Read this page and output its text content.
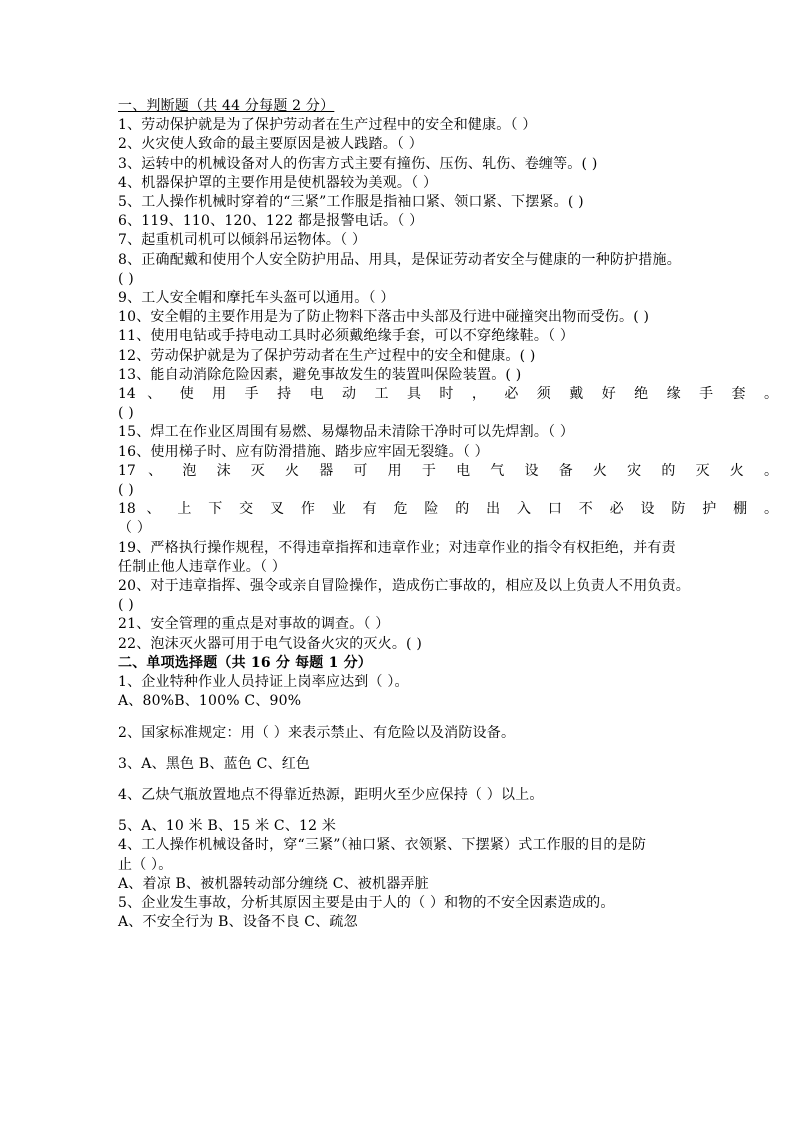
一、判断题（共 44 分每题 2 分）
1、劳动保护就是为了保护劳动者在生产过程中的安全和健康。（ ）
2、火灾使人致命的最主要原因是被人践踏。（ ）
3、运转中的机械设备对人的伤害方式主要有撞伤、压伤、轧伤、卷缠等。( )
4、机器保护罩的主要作用是使机器较为美观。（ ）
5、工人操作机械时穿着的“三紧”工作服是指袖口紧、领口紧、下摆紧。( )
6、119、110、120、122 都是报警电话。（ ）
7、起重机司机可以倾斜吊运物体。（ ）
8、正确配戴和使用个人安全防护用品、用具，是保证劳动者安全与健康的一种防护措施。
( )
9、工人安全帽和摩托车头盔可以通用。（ ）
10、安全帽的主要作用是为了防止物料下落击中头部及行进中碰撞突出物而受伤。( )
11、使用电钻或手持电动工具时必须戴绝缘手套，可以不穿绝缘鞋。（ ）
12、劳动保护就是为了保护劳动者在生产过程中的安全和健康。( )
13、能自动消除危险因素，避免事故发生的装置叫保险装置。( )
14 、 使 用 手 持 电 动 工 具 时 ， 必 须 戴 好 绝 缘 手 套 。
( )
15、焊工在作业区周围有易燃、易爆物品未清除干净时可以先焊割。（ ）
16、使用梯子时、应有防滑措施、踏步应牢固无裂缝。（ ）
17 、 泡 沫 灭 火 器 可 用 于 电 气 设 备 火 灾 的 灭 火 。
( )
18 、 上 下 交 叉 作 业 有 危 险 的 出 入 口 不 必 设 防 护 棚 。
（ ）
19、严格执行操作规程，不得违章指挥和违章作业；对违章作业的指令有权拒绝，并有责
任制止他人违章作业。（ ）
20、对于违章指挥、强令或亲自冒险操作，造成伤亡事故的，相应及以上负责人不用负责。
( )
21、安全管理的重点是对事故的调查。（ ）
22、泡沫灭火器可用于电气设备火灾的灭火。( )
二、单项选择题（共 16 分 每题 1 分）
1、企业特种作业人员持证上岗率应达到（ ）。
A、80%B、100% C、90%
2、国家标准规定：用（ ）来表示禁止、有危险以及消防设备。
3、A、黑色 B、蓝色 C、红色
4、乙炔气瓶放置地点不得靠近热源，距明火至少应保持（ ）以上。
5、A、10 米 B、15 米 C、12 米
4、工人操作机械设备时，穿“三紧”（袖口紧、衣领紧、下摆紧）式工作服的目的是防
止（ ）。
A、着凉 B、被机器转动部分缠绕 C、被机器弄脏
5、企业发生事故，分析其原因主要是由于人的（ ）和物的不安全因素造成的。
A、不安全行为 B、设备不良 C、疏忽
